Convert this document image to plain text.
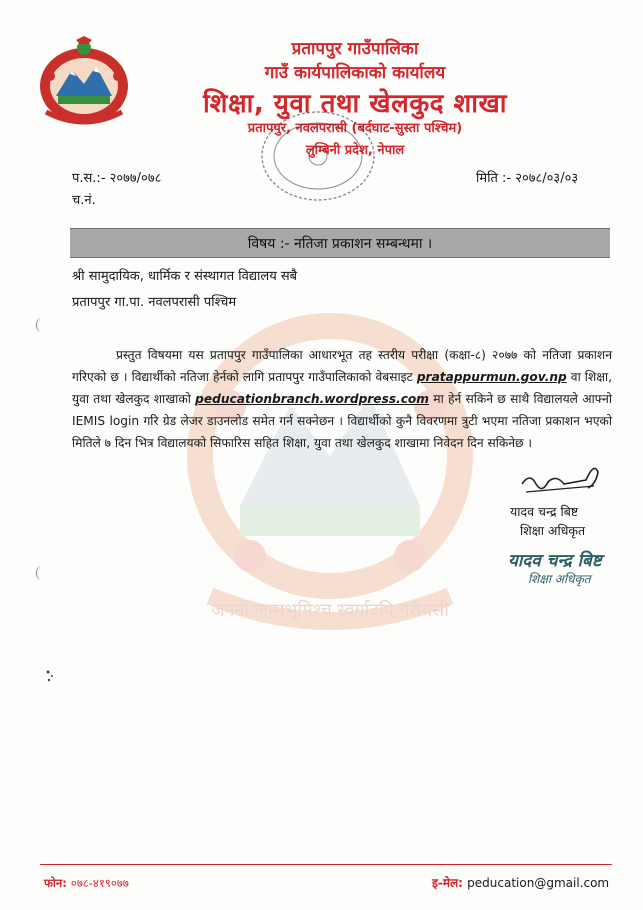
प्रतापपुर गाउँपालिका
गाउँ कार्यपालिकाको कार्यालय
शिक्षा, युवा तथा खेलकुद शाखा
प्रतापपुर, नवलपरासी (बर्दघाट-सुस्ता पश्चिम)
लुम्बिनी प्रदेश, नेपाल
प.स.:- २०७७/०७८
च.नं.
मिति :- २०७८/०३/०३
विषय :- नतिजा प्रकाशन सम्बन्धमा ।
श्री सामुदायिक, धार्मिक र संस्थागत विद्यालय सबै
प्रतापपुर गा.पा. नवलपरासी पश्चिम
जननी जन्मभूमिश्च स्वर्गादपि गरीयसी
प्रस्तुत विषयमा यस प्रतापपुर गाउँपालिका आधारभूत तह स्तरीय परीक्षा (कक्षा-८) २०७७ को नतिजा प्रकाशन गरिएको छ । विद्यार्थीको नतिजा हेर्नको लागि प्रतापपुर गाउँपालिकाको वेबसाइट pratappurmun.gov.np वा शिक्षा, युवा तथा खेलकुद शाखाको peducationbranch.wordpress.com मा हेर्न सकिने छ साथै विद्यालयले आफ्नो IEMIS login गरि ग्रेड लेजर डाउनलोड समेत गर्न सक्नेछन । विद्यार्थीको कुनै विवरणमा त्रुटी भएमा नतिजा प्रकाशन भएको मितिले ७ दिन भित्र विद्यालयको सिफारिस सहित शिक्षा, युवा तथा खेलकुद शाखामा निवेदन दिन सकिनेछ ।
यादव चन्द्र बिष्ट
शिक्षा अधिकृत
यादव चन्द्र बिष्ट
शिक्षा अधिकृत
फोन: ०७८-४१९०७७	इ-मेल: peducation@gmail.com
